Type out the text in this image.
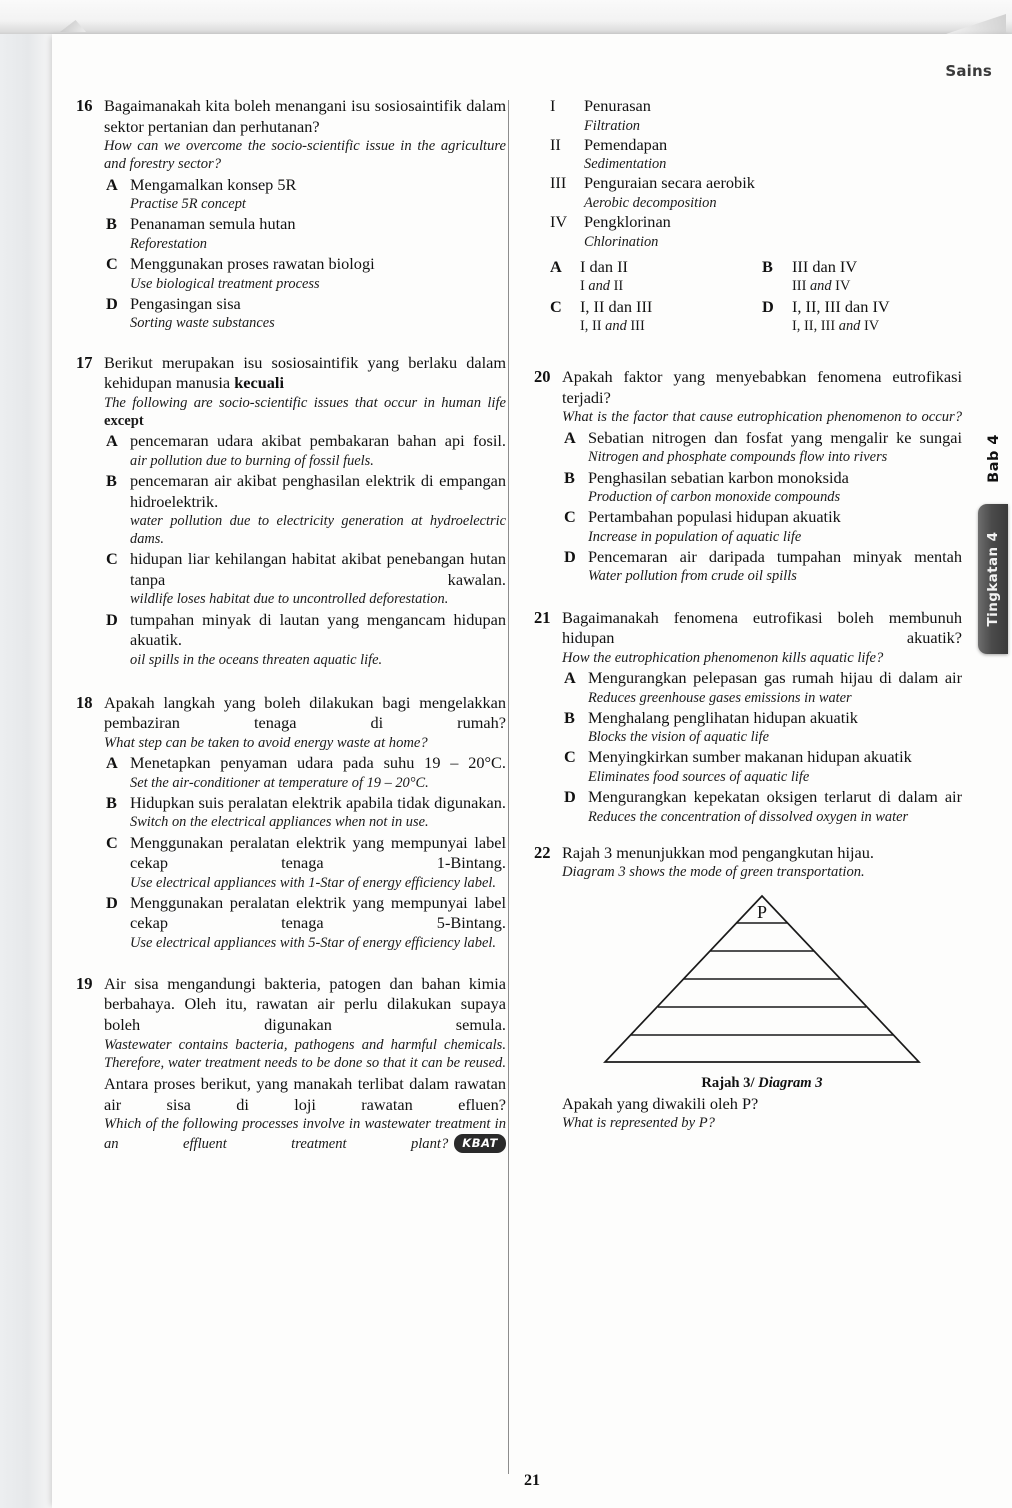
Sains
16 Bagaimanakah kita boleh menangani isu sosiosaintifik dalam sektor pertanian dan perhutanan?

How can we overcome the socio-scientific issue in the agriculture and forestry sector?

A Mengamalkan konsep 5R

Practise 5R concept

B Penanaman semula hutan

Reforestation

C Menggunakan proses rawatan biologi

Use biological treatment process

D Pengasingan sisa

Sorting waste substances

17 Berikut merupakan isu sosiosaintifik yang berlaku dalam kehidupan manusia kecuali

The following are socio-scientific issues that occur in human life except

A pencemaran udara akibat pembakaran bahan api fosil.

air pollution due to burning of fossil fuels.

B pencemaran air akibat penghasilan elektrik di empangan hidroelektrik.

water pollution due to electricity generation at hydroelectric dams.

C hidupan liar kehilangan habitat akibat penebangan hutan tanpa kawalan.

wildlife loses habitat due to uncontrolled deforestation.

D tumpahan minyak di lautan yang mengancam hidupan akuatik.

oil spills in the oceans threaten aquatic life.

18 Apakah langkah yang boleh dilakukan bagi mengelakkan pembaziran tenaga di rumah?

What step can be taken to avoid energy waste at home?

A Menetapkan penyaman udara pada suhu 19 – 20°C.

Set the air-conditioner at temperature of 19 – 20°C.

B Hidupkan suis peralatan elektrik apabila tidak digunakan.

Switch on the electrical appliances when not in use.

C Menggunakan peralatan elektrik yang mempunyai label cekap tenaga 1-Bintang.

Use electrical appliances with 1-Star of energy efficiency label.

D Menggunakan peralatan elektrik yang mempunyai label cekap tenaga 5-Bintang.

Use electrical appliances with 5-Star of energy efficiency label.

19 Air sisa mengandungi bakteria, patogen dan bahan kimia berbahaya. Oleh itu, rawatan air perlu dilakukan supaya boleh digunakan semula.

Wastewater contains bacteria, pathogens and harmful chemicals. Therefore, water treatment needs to be done so that it can be reused.

Antara proses berikut, yang manakah terlibat dalam rawatan air sisa di loji rawatan efluen?

Which of the following processes involve in wastewater treatment in an effluent treatment plant? KBAT

I	Penurasan
Filtration
II	Pemendapan
Sedimentation
III	Penguraian secara aerobik
Aerobic decomposition
IV	Pengklorinan
Chlorination
A I dan II
I and II
B III dan IV
III and IV
C I, II dan III
I, II and III
D I, II, III dan IV
I, II, III and IV
20 Apakah faktor yang menyebabkan fenomena eutrofikasi terjadi?

What is the factor that cause eutrophication phenomenon to occur?

A Sebatian nitrogen dan fosfat yang mengalir ke sungai

Nitrogen and phosphate compounds flow into rivers

B Penghasilan sebatian karbon monoksida

Production of carbon monoxide compounds

C Pertambahan populasi hidupan akuatik

Increase in population of aquatic life

D Pencemaran air daripada tumpahan minyak mentah

Water pollution from crude oil spills

21 Bagaimanakah fenomena eutrofikasi boleh membunuh hidupan akuatik?

How the eutrophication phenomenon kills aquatic life?

A Mengurangkan pelepasan gas rumah hijau di dalam air

Reduces greenhouse gases emissions in water

B Menghalang penglihatan hidupan akuatik

Blocks the vision of aquatic life

C Menyingkirkan sumber makanan hidupan akuatik

Eliminates food sources of aquatic life

D Mengurangkan kepekatan oksigen terlarut di dalam air

Reduces the concentration of dissolved oxygen in water

22 Rajah 3 menunjukkan mod pengangkutan hijau.

Diagram 3 shows the mode of green transportation.

P
Rajah 3/ Diagram 3

Apakah yang diwakili oleh P?

What is represented by P?

Bab 4
Tingkatan 4
21
